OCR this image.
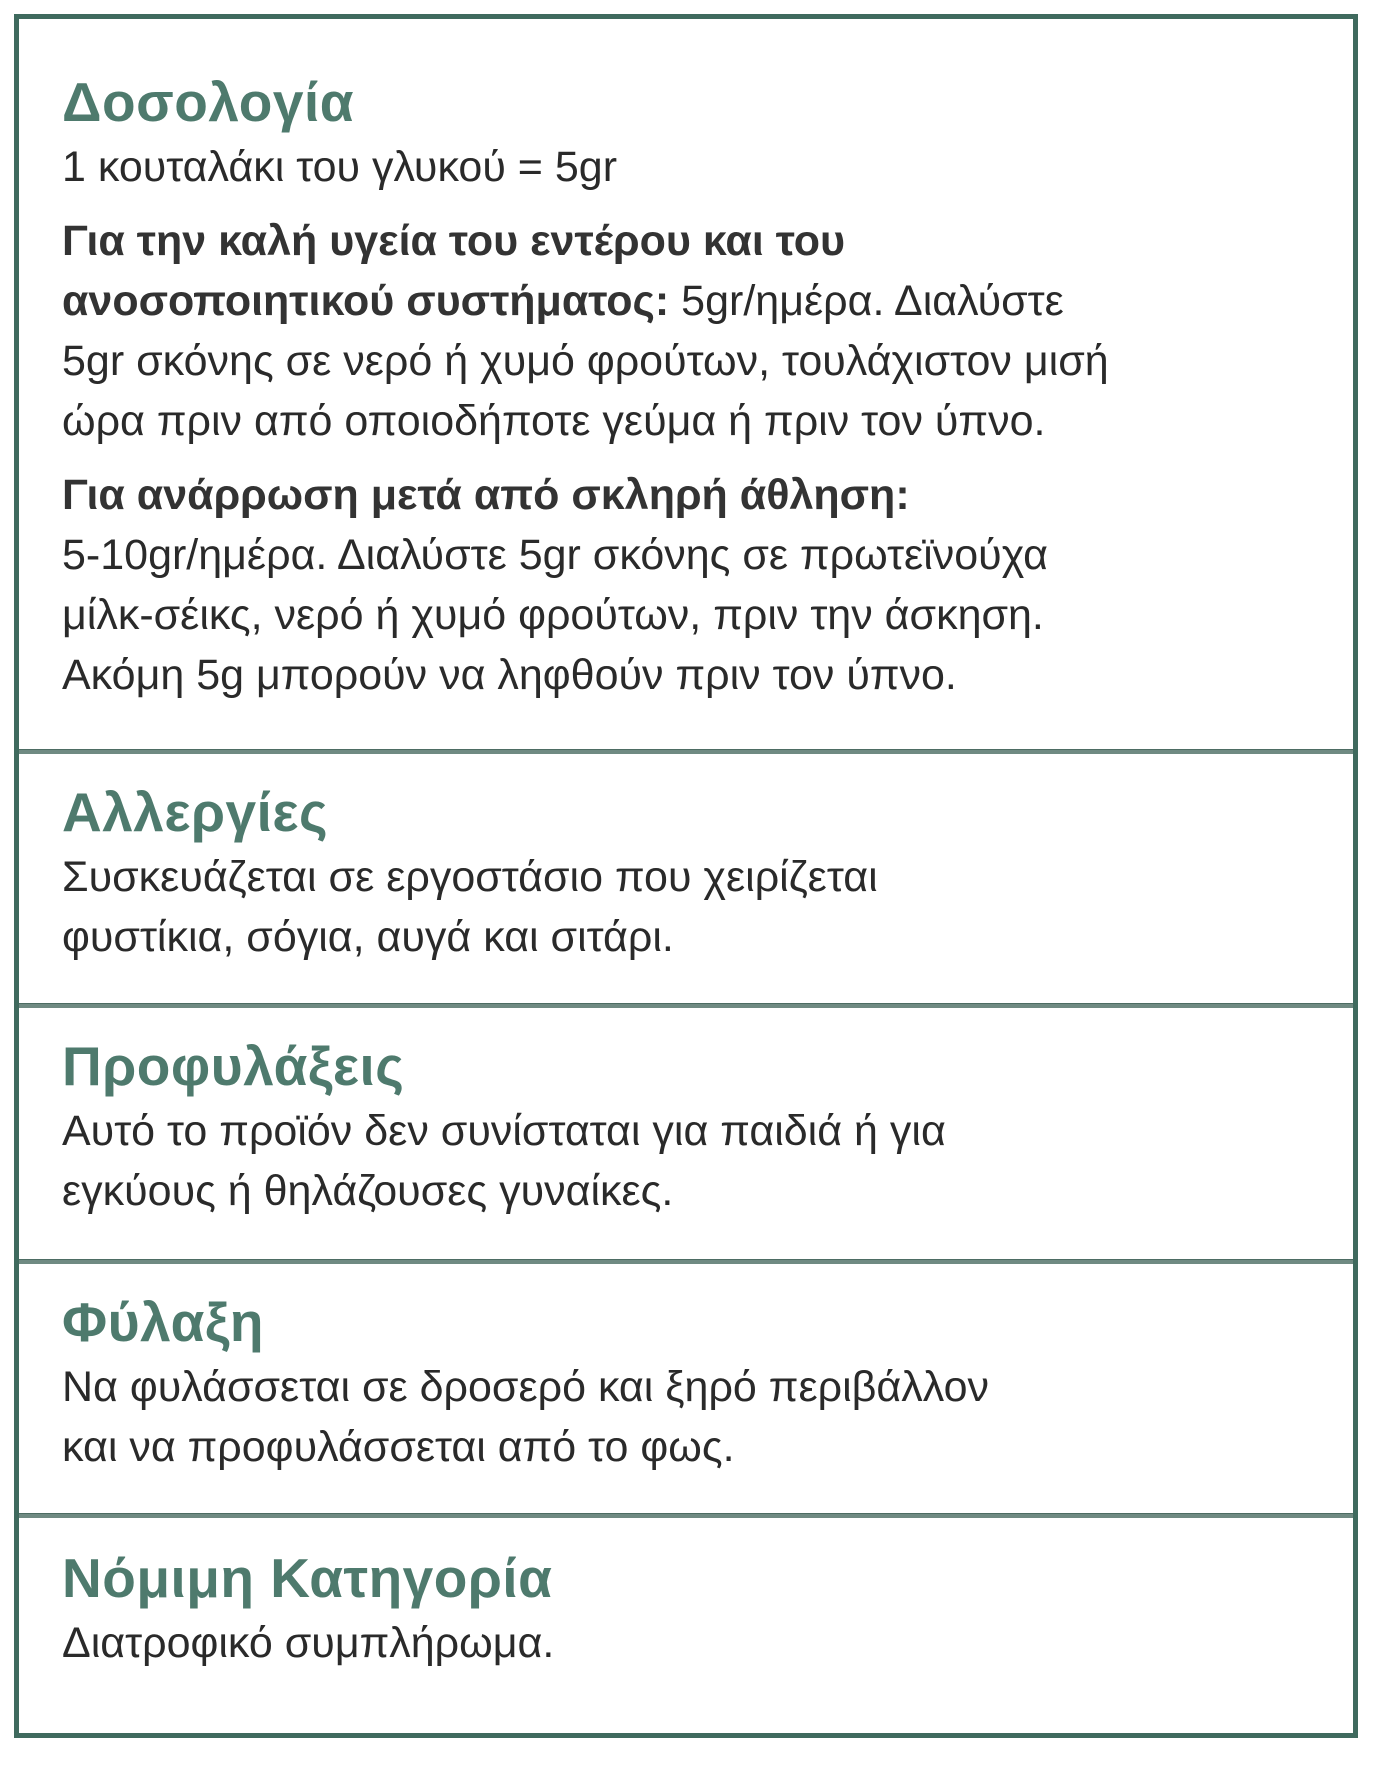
Δοσολογία

1 κουταλάκι του γλυκού = 5gr

Για την καλή υγεία του εντέρου και του

ανοσοποιητικού συστήματος: 5gr/ημέρα. Διαλύστε

5gr σκόνης σε νερό ή χυμό φρούτων, τουλάχιστον μισή

ώρα πριν από οποιοδήποτε γεύμα ή πριν τον ύπνο.

Για ανάρρωση μετά από σκληρή άθληση:

5-10gr/ημέρα. Διαλύστε 5gr σκόνης σε πρωτεϊνούχα

μίλκ-σέικς, νερό ή χυμό φρούτων, πριν την άσκηση.

Ακόμη 5g μπορούν να ληφθούν πριν τον ύπνο.

Αλλεργίες

Συσκευάζεται σε εργοστάσιο που χειρίζεται

φυστίκια, σόγια, αυγά και σιτάρι.

Προφυλάξεις

Αυτό το προϊόν δεν συνίσταται για παιδιά ή για

εγκύους ή θηλάζουσες γυναίκες.

Φύλαξη

Να φυλάσσεται σε δροσερό και ξηρό περιβάλλον

και να προφυλάσσεται από το φως.

Νόμιμη Κατηγορία

Διατροφικό συμπλήρωμα.
